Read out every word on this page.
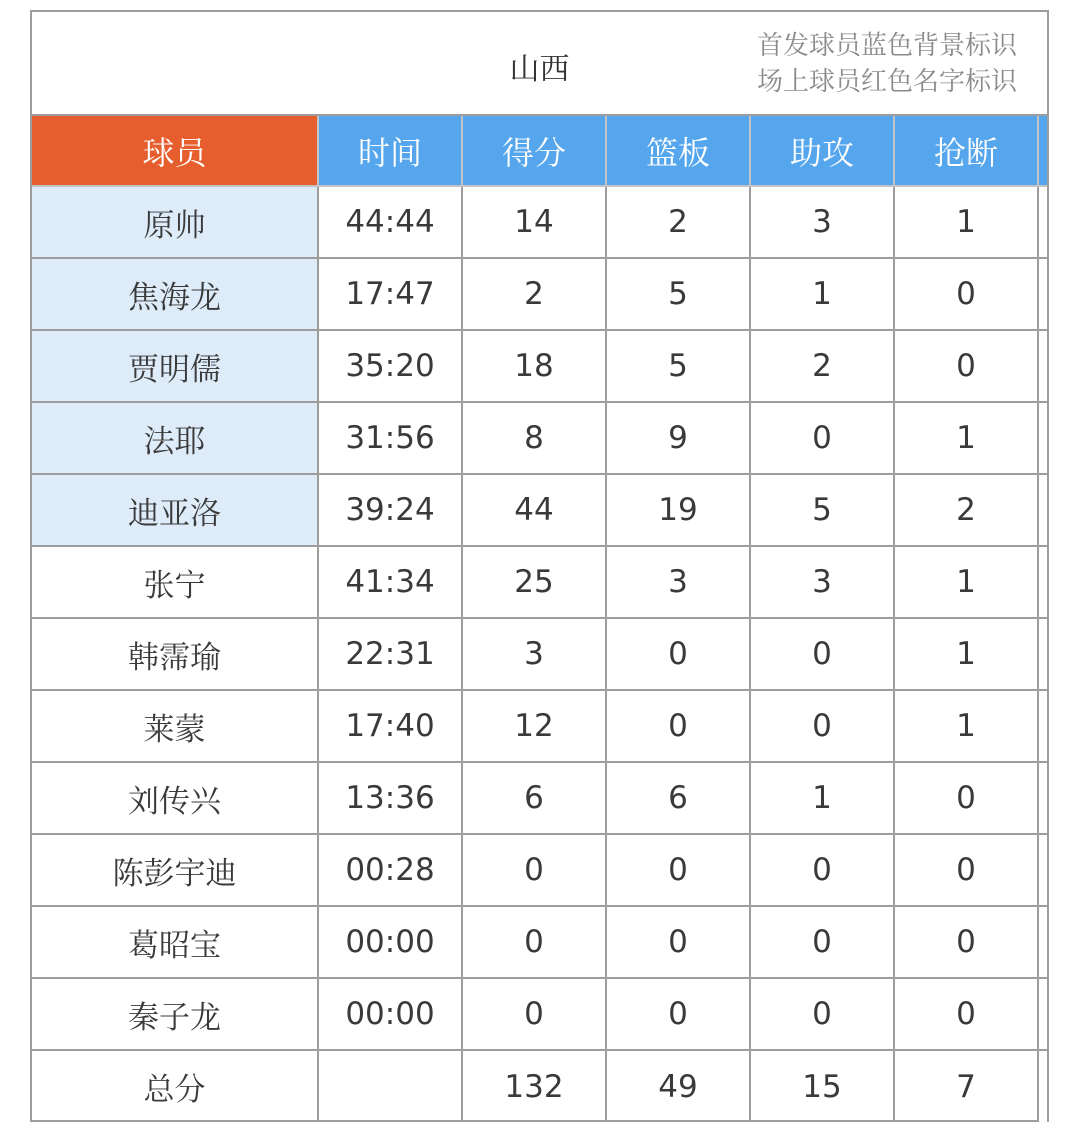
山西
首发球员蓝色背景标识
场上球员红色名字标识
球员	时间	得分	篮板	助攻	抢断	
原帅	44:44	14	2	3	1	
焦海龙	17:47	2	5	1	0	
贾明儒	35:20	18	5	2	0	
法耶	31:56	8	9	0	1	
迪亚洛	39:24	44	19	5	2	
张宁	41:34	25	3	3	1	
韩霈瑜	22:31	3	0	0	1	
莱蒙	17:40	12	0	0	1	
刘传兴	13:36	6	6	1	0	
陈彭宇迪	00:28	0	0	0	0	
葛昭宝	00:00	0	0	0	0	
秦子龙	00:00	0	0	0	0	
总分		132	49	15	7	
